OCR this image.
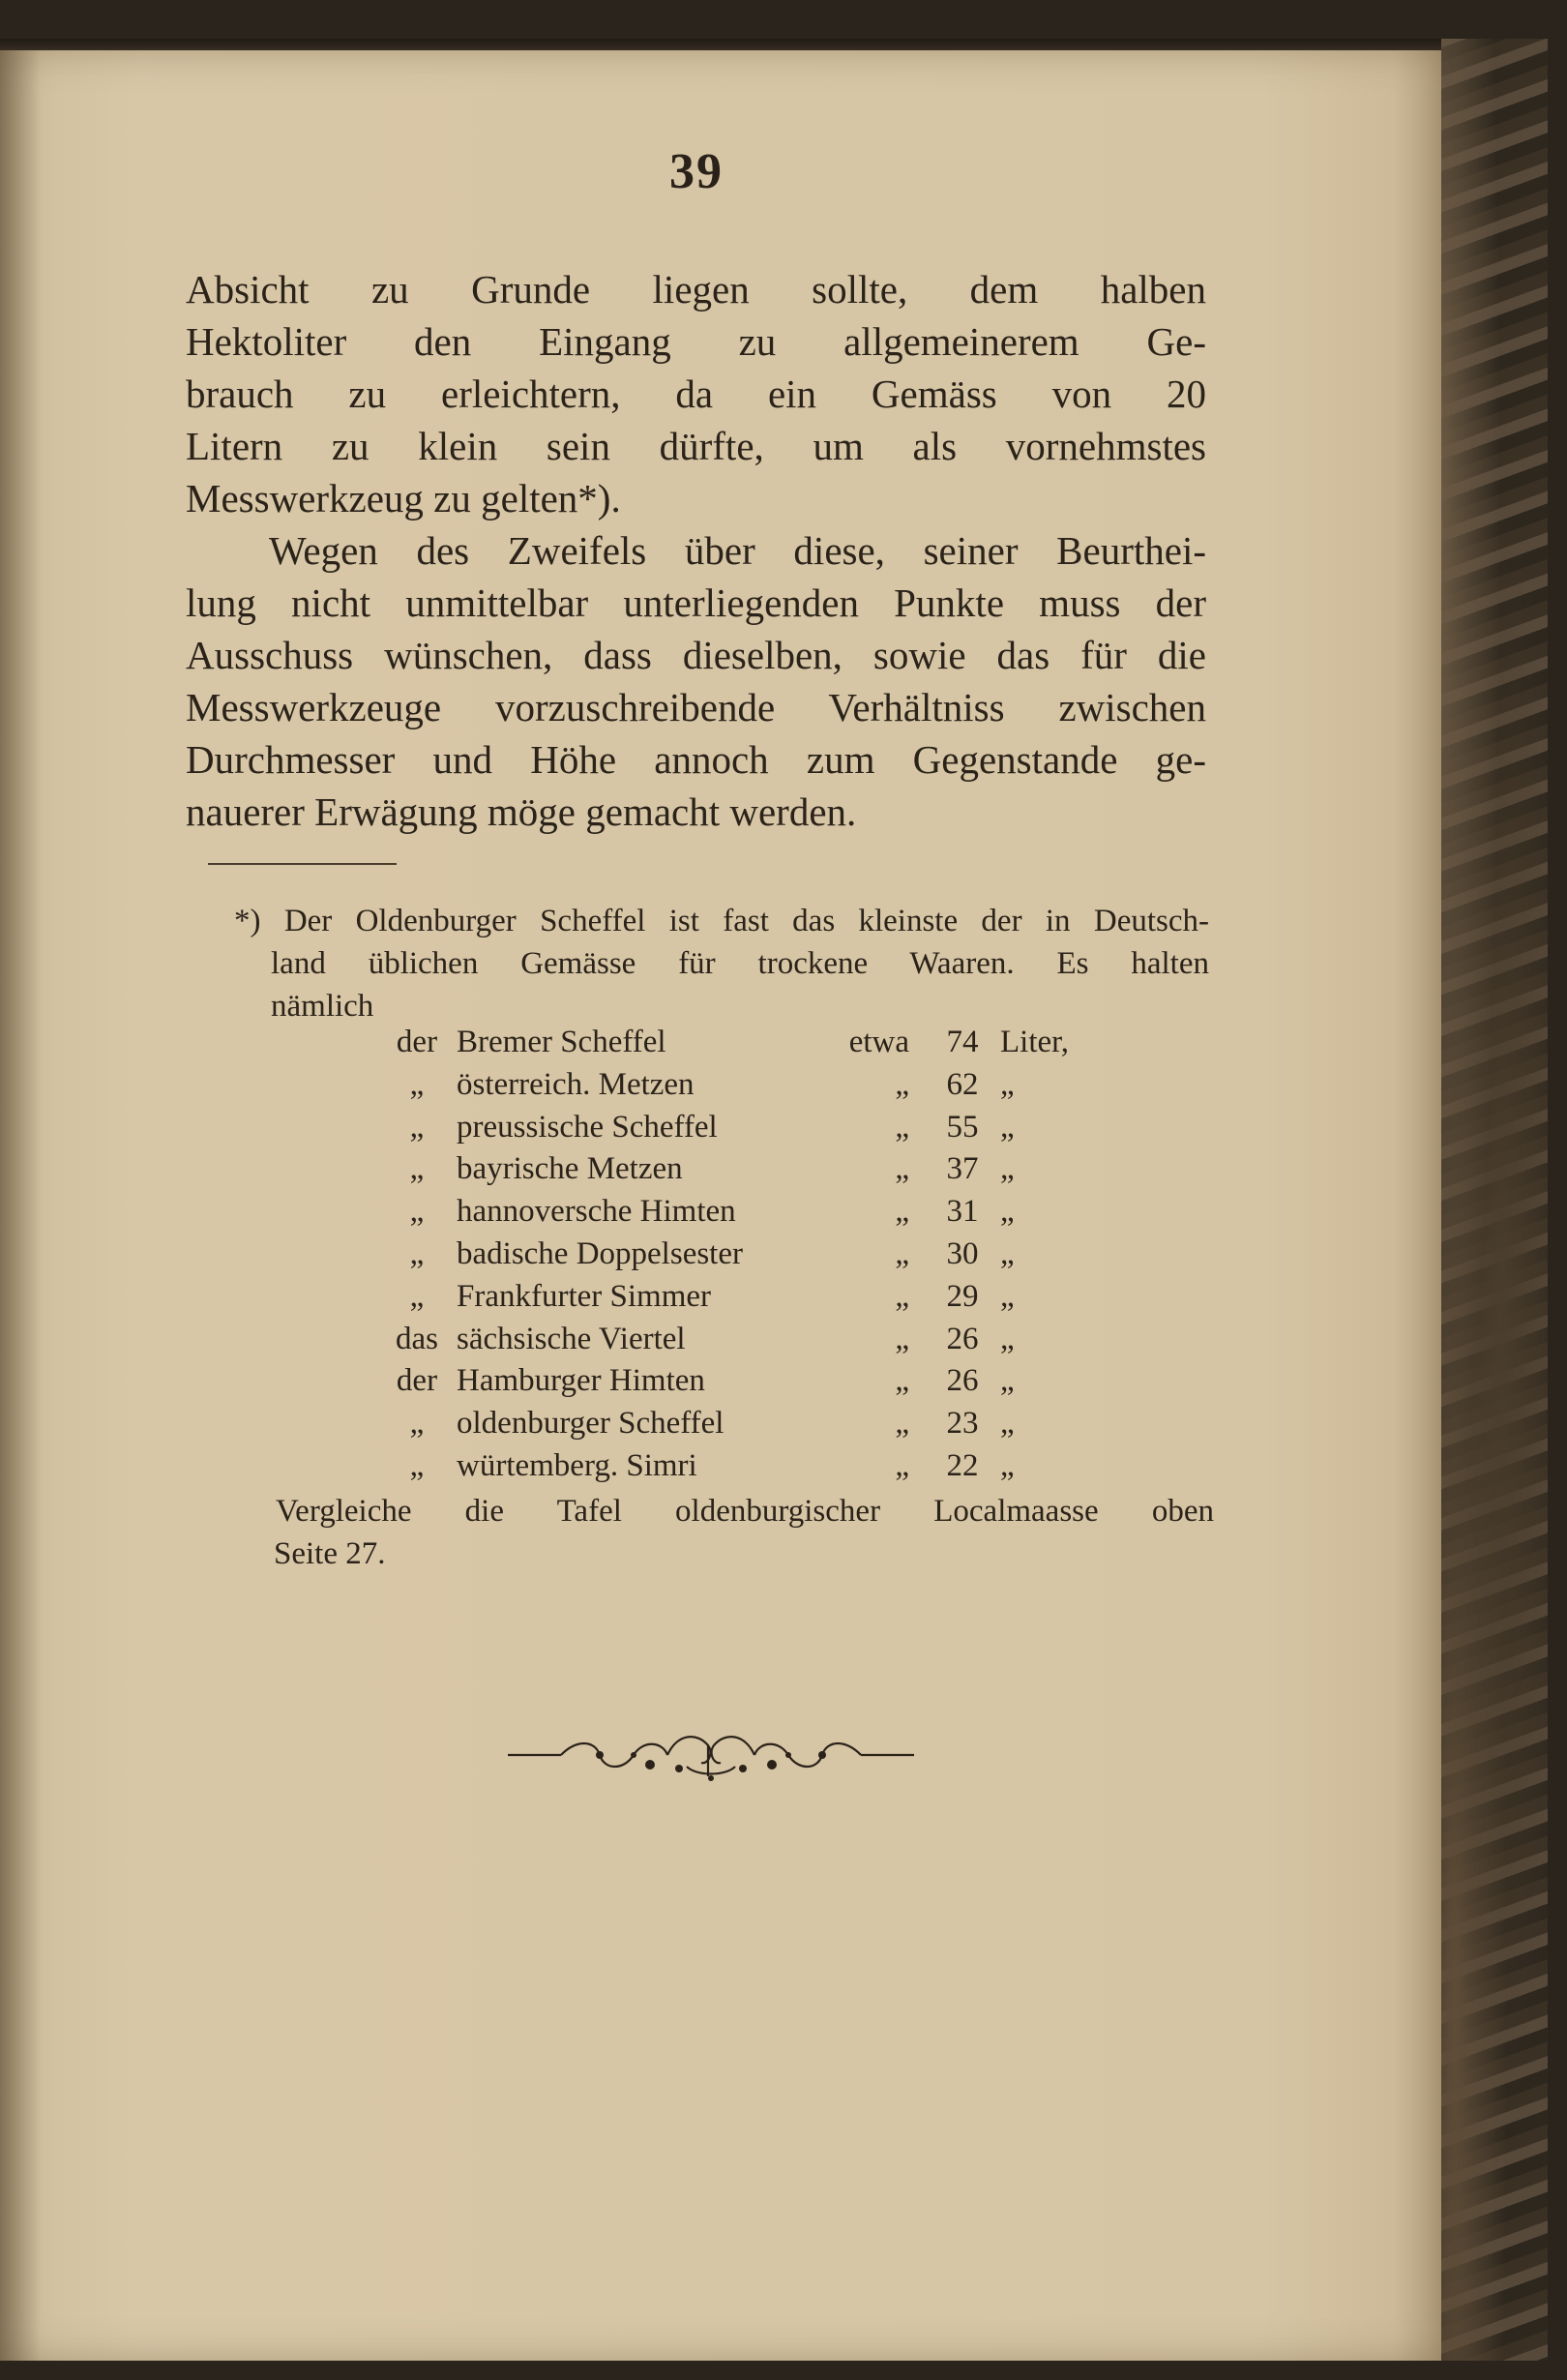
39
Absicht zu Grunde liegen sollte, dem halben
Hektoliter den Eingang zu allgemeinerem Ge-
brauch zu erleichtern, da ein Gemäss von 20
Litern zu klein sein dürfte, um als vornehmstes
Messwerkzeug zu gelten*).
Wegen des Zweifels über diese, seiner Beurthei-
lung nicht unmittelbar unterliegenden Punkte muss der
Ausschuss wünschen, dass dieselben, sowie das für die
Messwerkzeuge vorzuschreibende Verhältniss zwischen
Durchmesser und Höhe annoch zum Gegenstande ge-
nauerer Erwägung möge gemacht werden.
*) Der Oldenburger Scheffel ist fast das kleinste der in Deutsch-
land üblichen Gemässe für trockene Waaren. Es halten
nämlich
der	Bremer Scheffel	etwa	74	Liter,
„	österreich. Metzen	„	62	„
„	preussische Scheffel	„	55	„
„	bayrische Metzen	„	37	„
„	hannoversche Himten	„	31	„
„	badische Doppelsester	„	30	„
„	Frankfurter Simmer	„	29	„
das	sächsische Viertel	„	26	„
der	Hamburger Himten	„	26	„
„	oldenburger Scheffel	„	23	„
„	würtemberg. Simri	„	22	„
Vergleiche die Tafel oldenburgischer Localmaasse oben
Seite 27.
